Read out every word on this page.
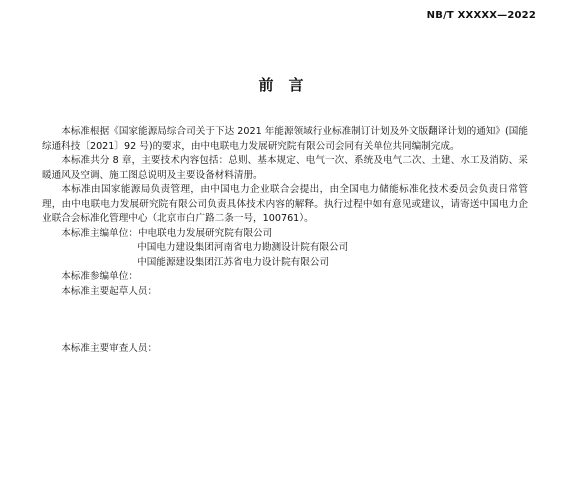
NB/T XXXXX—2022
前　言

本标准根据《国家能源局综合司关于下达 2021 年能源领域行业标准制订计划及外文版翻译计划的通知》(国能综通科技〔2021〕92 号)的要求，由中电联电力发展研究院有限公司会同有关单位共同编制完成。

本标准共分 8 章，主要技术内容包括：总则、基本规定、电气一次、系统及电气二次、土建、水工及消防、采暖通风及空调、施工图总说明及主要设备材料清册。

本标准由国家能源局负责管理，由中国电力企业联合会提出，由全国电力储能标准化技术委员会负责日常管理，由中电联电力发展研究院有限公司负责具体技术内容的解释。执行过程中如有意见或建议，请寄送中国电力企业联合会标准化管理中心（北京市白广路二条一号，100761）。

本标准主编单位：中电联电力发展研究院有限公司

中国电力建设集团河南省电力勘测设计院有限公司

中国能源建设集团江苏省电力设计院有限公司

本标准参编单位：

本标准主要起草人员：

本标准主要审查人员：
